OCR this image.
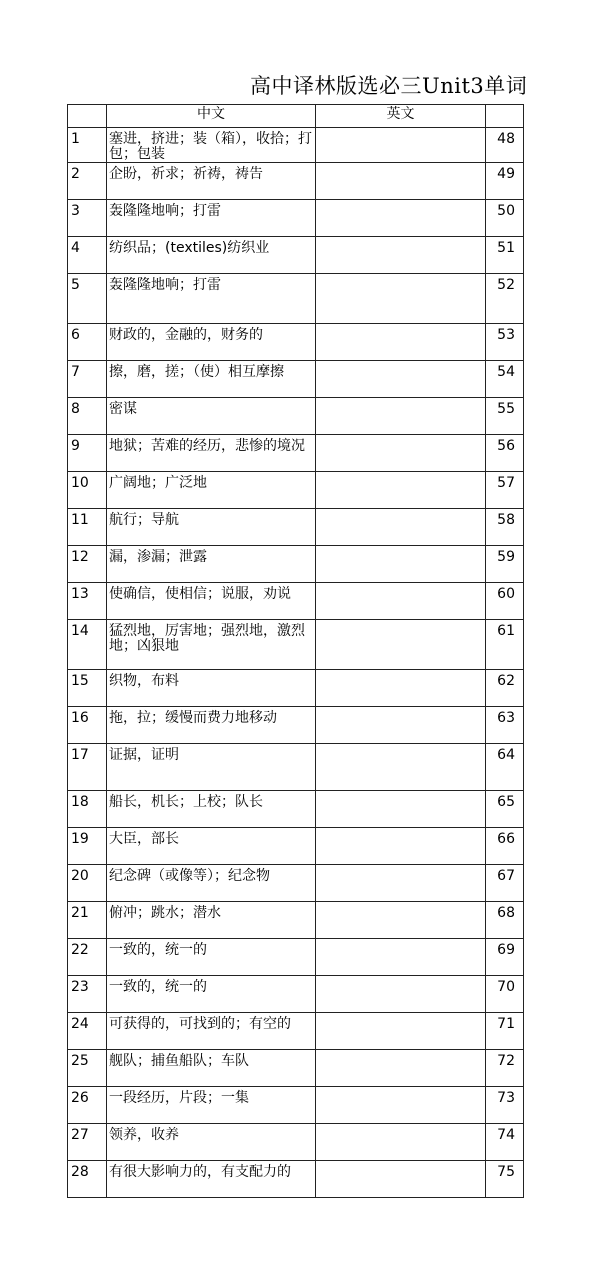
高中译林版选必三Unit3单词
	中文	英文	
1	塞进，挤进；装（箱），收拾；打包；包装		48
2	企盼，祈求；祈祷，祷告		49
3	轰隆隆地响；打雷		50
4	纺织品；(textiles)纺织业		51
5	轰隆隆地响；打雷		52
6	财政的，金融的，财务的		53
7	擦，磨，搓；（使）相互摩擦		54
8	密谋		55
9	地狱；苦难的经历，悲惨的境况		56
10	广阔地；广泛地		57
11	航行；导航		58
12	漏，渗漏；泄露		59
13	使确信，使相信；说服，劝说		60
14	猛烈地，厉害地；强烈地，激烈地；凶狠地		61
15	织物，布料		62
16	拖，拉；缓慢而费力地移动		63
17	证据，证明		64
18	船长，机长；上校；队长		65
19	大臣，部长		66
20	纪念碑（或像等）；纪念物		67
21	俯冲；跳水；潜水		68
22	一致的，统一的		69
23	一致的，统一的		70
24	可获得的，可找到的；有空的		71
25	舰队；捕鱼船队；车队		72
26	一段经历，片段；一集		73
27	领养，收养		74
28	有很大影响力的，有支配力的		75
